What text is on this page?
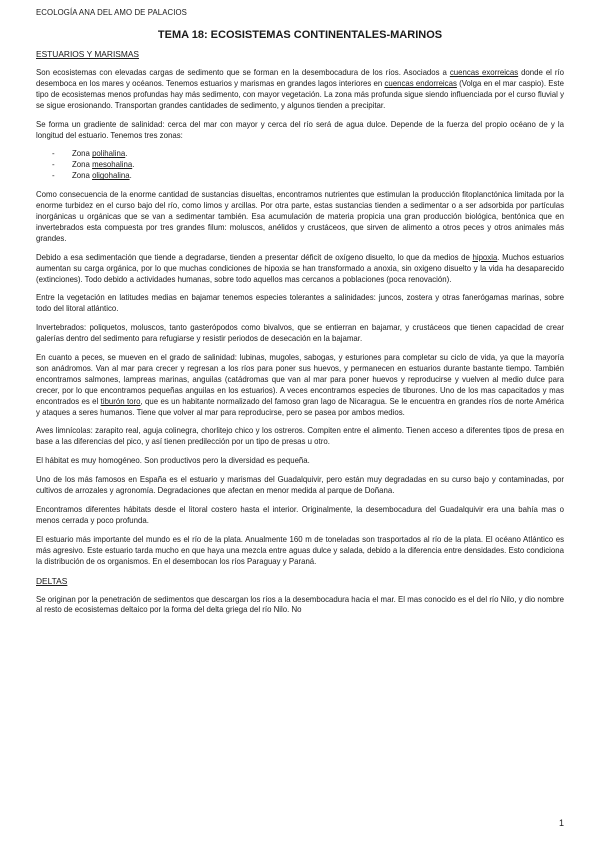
ECOLOGÍA ANA DEL AMO DE PALACIOS
TEMA 18: ECOSISTEMAS CONTINENTALES-MARINOS
ESTUARIOS Y MARISMAS

Son ecosistemas con elevadas cargas de sedimento que se forman en la desembocadura de los ríos. Asociados a cuencas exorreicas donde el río desemboca en los mares y océanos. Tenemos estuarios y marismas en grandes lagos interiores en cuencas endorreicas (Volga en el mar caspio). Este tipo de ecosistemas menos profundas hay más sedimento, con mayor vegetación. La zona más profunda sigue siendo influenciada por el curso fluvial y se sigue erosionando. Transportan grandes cantidades de sedimento, y algunos tienden a precipitar.

Se forma un gradiente de salinidad: cerca del mar con mayor y cerca del río será de agua dulce. Depende de la fuerza del propio océano de y la longitud del estuario. Tenemos tres zonas:

- Zona polihalina.
- Zona mesohalina.
- Zona oligohalina.

Como consecuencia de la enorme cantidad de sustancias disueltas, encontramos nutrientes que estimulan la producción fitoplanctónica limitada por la enorme turbidez en el curso bajo del río, como limos y arcillas. Por otra parte, estas sustancias tienden a sedimentar o a ser adsorbida por partículas inorgánicas u orgánicas que se van a sedimentar también. Esa acumulación de materia propicia una gran producción biológica, bentónica que en invertebrados esta compuesta por tres grandes filum: moluscos, anélidos y crustáceos, que sirven de alimento a otros peces y otros animales más grandes.

Debido a esa sedimentación que tiende a degradarse, tienden a presentar déficit de oxígeno disuelto, lo que da medios de hipoxia. Muchos estuarios aumentan su carga orgánica, por lo que muchas condiciones de hipoxia se han transformado a anoxia, sin oxigeno disuelto y la vida ha desaparecido (extinciones). Todo debido a actividades humanas, sobre todo aquellos mas cercanos a poblaciones (poca renovación).

Entre la vegetación en latitudes medias en bajamar tenemos especies tolerantes a salinidades: juncos, zostera y otras fanerógamas marinas, sobre todo del litoral atlántico.

Invertebrados: poliquetos, moluscos, tanto gasterópodos como bivalvos, que se entierran en bajamar, y crustáceos que tienen capacidad de crear galerías dentro del sedimento para refugiarse y resistir periodos de desecación en la bajamar.

En cuanto a peces, se mueven en el grado de salinidad: lubinas, mugoles, sabogas, y esturiones para completar su ciclo de vida, ya que la mayoría son anádromos. Van al mar para crecer y regresan a los ríos para poner sus huevos, y permanecen en estuarios durante bastante tiempo. También encontramos salmones, lampreas marinas, anguilas (catádromas que van al mar para poner huevos y reproducirse y vuelven al medio dulce para crecer, por lo que encontramos pequeñas anguilas en los estuarios). A veces encontramos especies de tiburones. Uno de los mas capacitados y mas encontrados es el tiburón toro, que es un habitante normalizado del famoso gran lago de Nicaragua. Se le encuentra en grandes ríos de norte América y ataques a seres humanos. Tiene que volver al mar para reproducirse, pero se pasea por ambos medios.

Aves limnícolas: zarapito real, aguja colinegra, chorlitejo chico y los ostreros. Compiten entre el alimento. Tienen acceso a diferentes tipos de presa en base a las diferencias del pico, y así tienen predilección por un tipo de presas u otro.

El hábitat es muy homogéneo. Son productivos pero la diversidad es pequeña.

Uno de los más famosos en España es el estuario y marismas del Guadalquivir, pero están muy degradadas en su curso bajo y contaminadas, por cultivos de arrozales y agronomía. Degradaciones que afectan en menor medida al parque de Doñana.

Encontramos diferentes hábitats desde el litoral costero hasta el interior. Originalmente, la desembocadura del Guadalquivir era una bahía mas o menos cerrada y poco profunda.

El estuario más importante del mundo es el río de la plata. Anualmente 160 m de toneladas son trasportados al río de la plata. El océano Atlántico es más agresivo. Este estuario tarda mucho en que haya una mezcla entre aguas dulce y salada, debido a la diferencia entre densidades. Esto condiciona la distribución de os organismos. En el desembocan los ríos Paraguay y Paraná.

DELTAS

Se originan por la penetración de sedimentos que descargan los ríos a la desembocadura hacia el mar. El mas conocido es el del río Nilo, y dio nombre al resto de ecosistemas deltaico por la forma del delta griega del río Nilo. No

1
